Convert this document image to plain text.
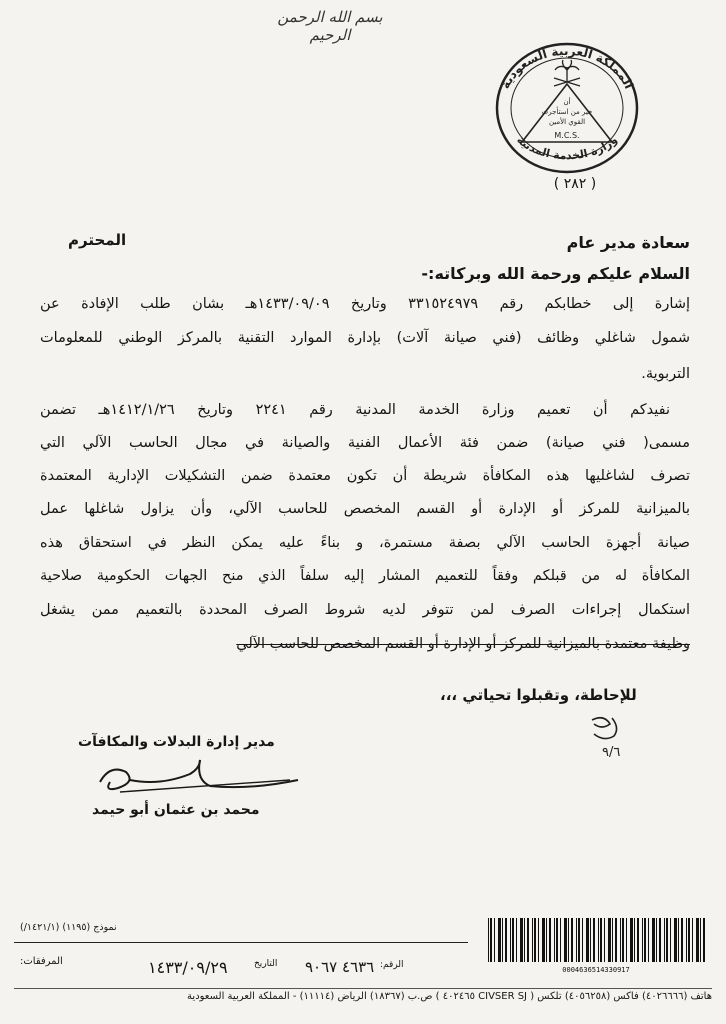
بسم الله الرحمن الرحيم
المملكة العربية السعودية
أن
خير من استأجرت
القوي الأمين
M.C.S.
وزارة الخدمة المدنية
( ٢٨٢ )
سعادة مدير عام
المحترم
السلام عليكم ورحمة الله وبركاته:-
إشارة إلى خطابكم رقم ٣٣١٥٢٤٩٧٩ وتاريخ ١٤٣٣/٠٩/٠٩هـ بشان طلب الإفادة عن
شمول شاغلي وظائف (فني صيانة آلات) بإدارة الموارد التقنية بالمركز الوطني للمعلومات
التربوية.
نفيدكم أن تعميم وزارة الخدمة المدنية رقم ٢٢٤١ وتاريخ ١٤١٢/١/٢٦هـ تضمن
مسمى( فني صيانة) ضمن فئة الأعمال الفنية والصيانة في مجال الحاسب الآلي التي
تصرف لشاغليها هذه المكافأة شريطة أن تكون معتمدة ضمن التشكيلات الإدارية المعتمدة
بالميزانية للمركز أو الإدارة أو القسم المخصص للحاسب الآلي، وأن يزاول شاغلها عمل
صيانة أجهزة الحاسب الآلي بصفة مستمرة، و بناءً عليه يمكن النظر في استحقاق هذه
المكافأة له من قبلكم وفقاً للتعميم المشار إليه سلفاً الذي منح الجهات الحكومية صلاحية
استكمال إجراءات الصرف لمن تتوفر لديه شروط الصرف المحددة بالتعميم ممن يشغل
وظيفة معتمدة بالميزانية للمركز أو الإدارة أو القسم المخصص للحاسب الآلي
للإحاطة، وتقبلوا تحياتي ،،،
٩/٦
مدير إدارة البدلات والمكافآت
محمد بن عثمان أبو حيمد
نموذج (١١٩٥) (١٤٢١/١/)
المرفقات:	١٤٣٣/٠٩/٢٩	التاريخ ٤٦٣٦ ٩٠٦٧ الرقم:	0004636514330917
هاتف (٤٠٢٦٦٦٦) فاكس (٤٠٥٦٢٥٨) تلكس ( CIVSER SJ ٤٠٢٤٦٥ ) ص.ب (١٨٣٦٧) الرياض (١١١١٤) - المملكة العربية السعودية
